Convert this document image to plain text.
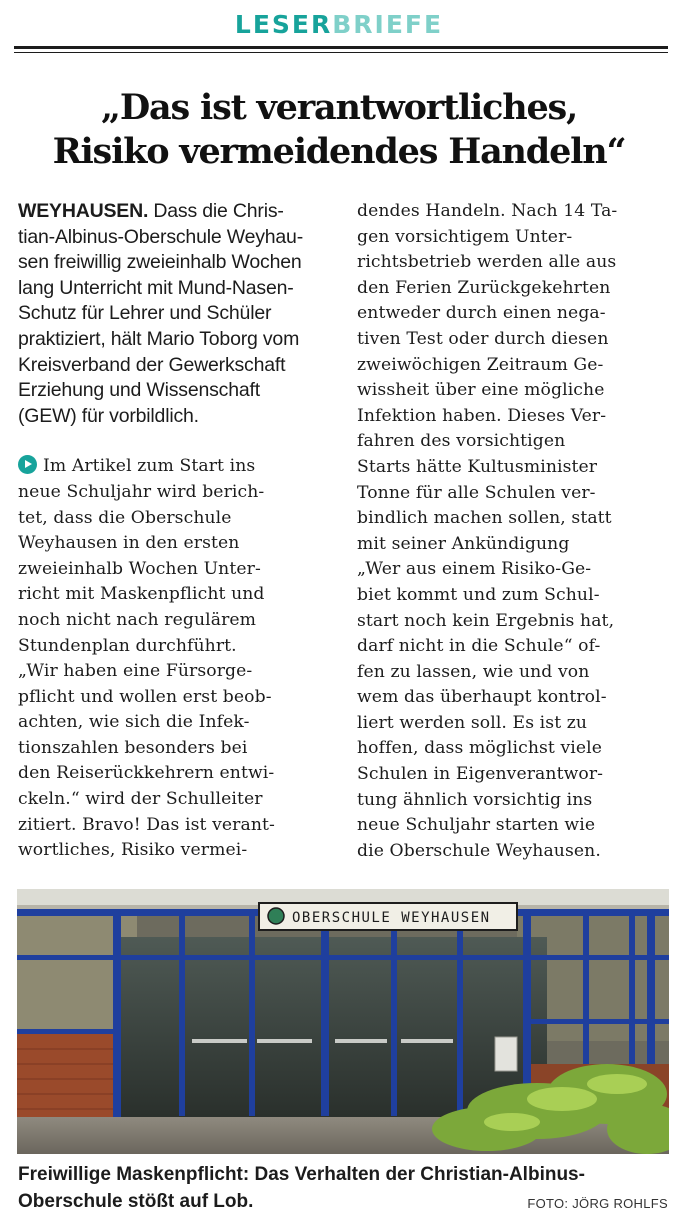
LESERBRIEFE
„Das ist verantwortliches,
Risiko vermeidendes Handeln“
WEYHAUSEN. Dass die Chris-
tian-Albinus-Oberschule Weyhau-
sen freiwillig zweieinhalb Wochen
lang Unterricht mit Mund-Nasen-
Schutz für Lehrer und Schüler
praktiziert, hält Mario Toborg vom
Kreisverband der Gewerkschaft
Erziehung und Wissenschaft
(GEW) für vorbildlich.
Im Artikel zum Start ins
neue Schuljahr wird berich-
tet, dass die Oberschule
Weyhausen in den ersten
zweieinhalb Wochen Unter-
richt mit Maskenpflicht und
noch nicht nach regulärem
Stundenplan durchführt.
„Wir haben eine Fürsorge-
pflicht und wollen erst beob-
achten, wie sich die Infek-
tionszahlen besonders bei
den Reiserückkehrern entwi-
ckeln.“ wird der Schulleiter
zitiert. Bravo! Das ist verant-
wortliches, Risiko vermei-
dendes Handeln. Nach 14 Ta-
gen vorsichtigem Unter-
richtsbetrieb werden alle aus
den Ferien Zurückgekehrten
entweder durch einen nega-
tiven Test oder durch diesen
zweiwöchigen Zeitraum Ge-
wissheit über eine mögliche
Infektion haben. Dieses Ver-
fahren des vorsichtigen
Starts hätte Kultusminister
Tonne für alle Schulen ver-
bindlich machen sollen, statt
mit seiner Ankündigung
„Wer aus einem Risiko-Ge-
biet kommt und zum Schul-
start noch kein Ergebnis hat,
darf nicht in die Schule“ of-
fen zu lassen, wie und von
wem das überhaupt kontrol-
liert werden soll. Es ist zu
hoffen, dass möglichst viele
Schulen in Eigenverantwor-
tung ähnlich vorsichtig ins
neue Schuljahr starten wie
die Oberschule Weyhausen.
OBERSCHULE WEYHAUSEN
Freiwillige Maskenpflicht: Das Verhalten der Christian-Albinus-
Oberschule stößt auf Lob.	FOTO: JÖRG ROHLFS
